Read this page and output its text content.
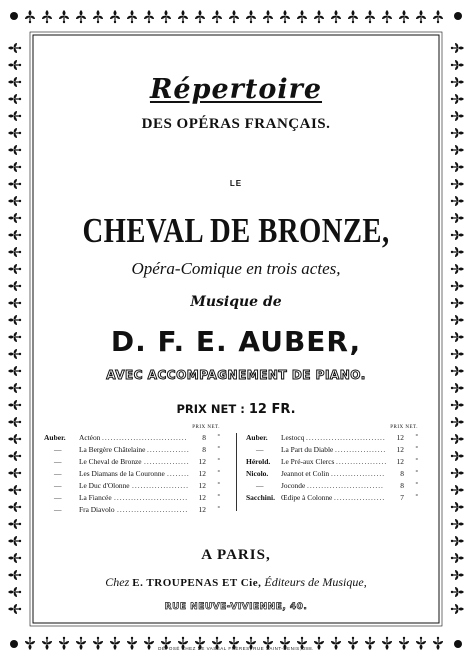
Répertoire
DES OPÉRAS FRANÇAIS.
LE
CHEVAL DE BRONZE,
Opéra-Comique en trois actes,
Musique de
D. F. E. AUBER,
AVEC ACCOMPAGNEMENT DE PIANO.
PRIX NET : 12 FR.
PRIX NET.
Auber.	Actéon ..............................	8 »
—	La Bergère Châtelaine ...............	8 »
—	Le Cheval de Bronze ................	12 »
—	Les Diamans de la Couronne ........	12 »
—	Le Duc d'Olonne ....................	12 »
—	La Fiancée ..........................	12 »
—	Fra Diavolo .........................	12 »
PRIX NET.
Auber.	Lestocq ............................	12 »
—	La Part du Diable ..................	12 »
Hérold.	Le Pré-aux Clercs ..................	12 »
Nicolo.	Jeannot et Colin ...................	8 »
—	Joconde ...........................	8 »
Sacchini. Œdipe à Colonne ..................	7 »
A PARIS,
Chez E. TROUPENAS ET Cie, Éditeurs de Musique,
RUE NEUVE-VIVIENNE, 40.
DÉPOSÉ CHEZ DE VASSAL FRÈRES, RUE SAINT-DENIS, 288.
